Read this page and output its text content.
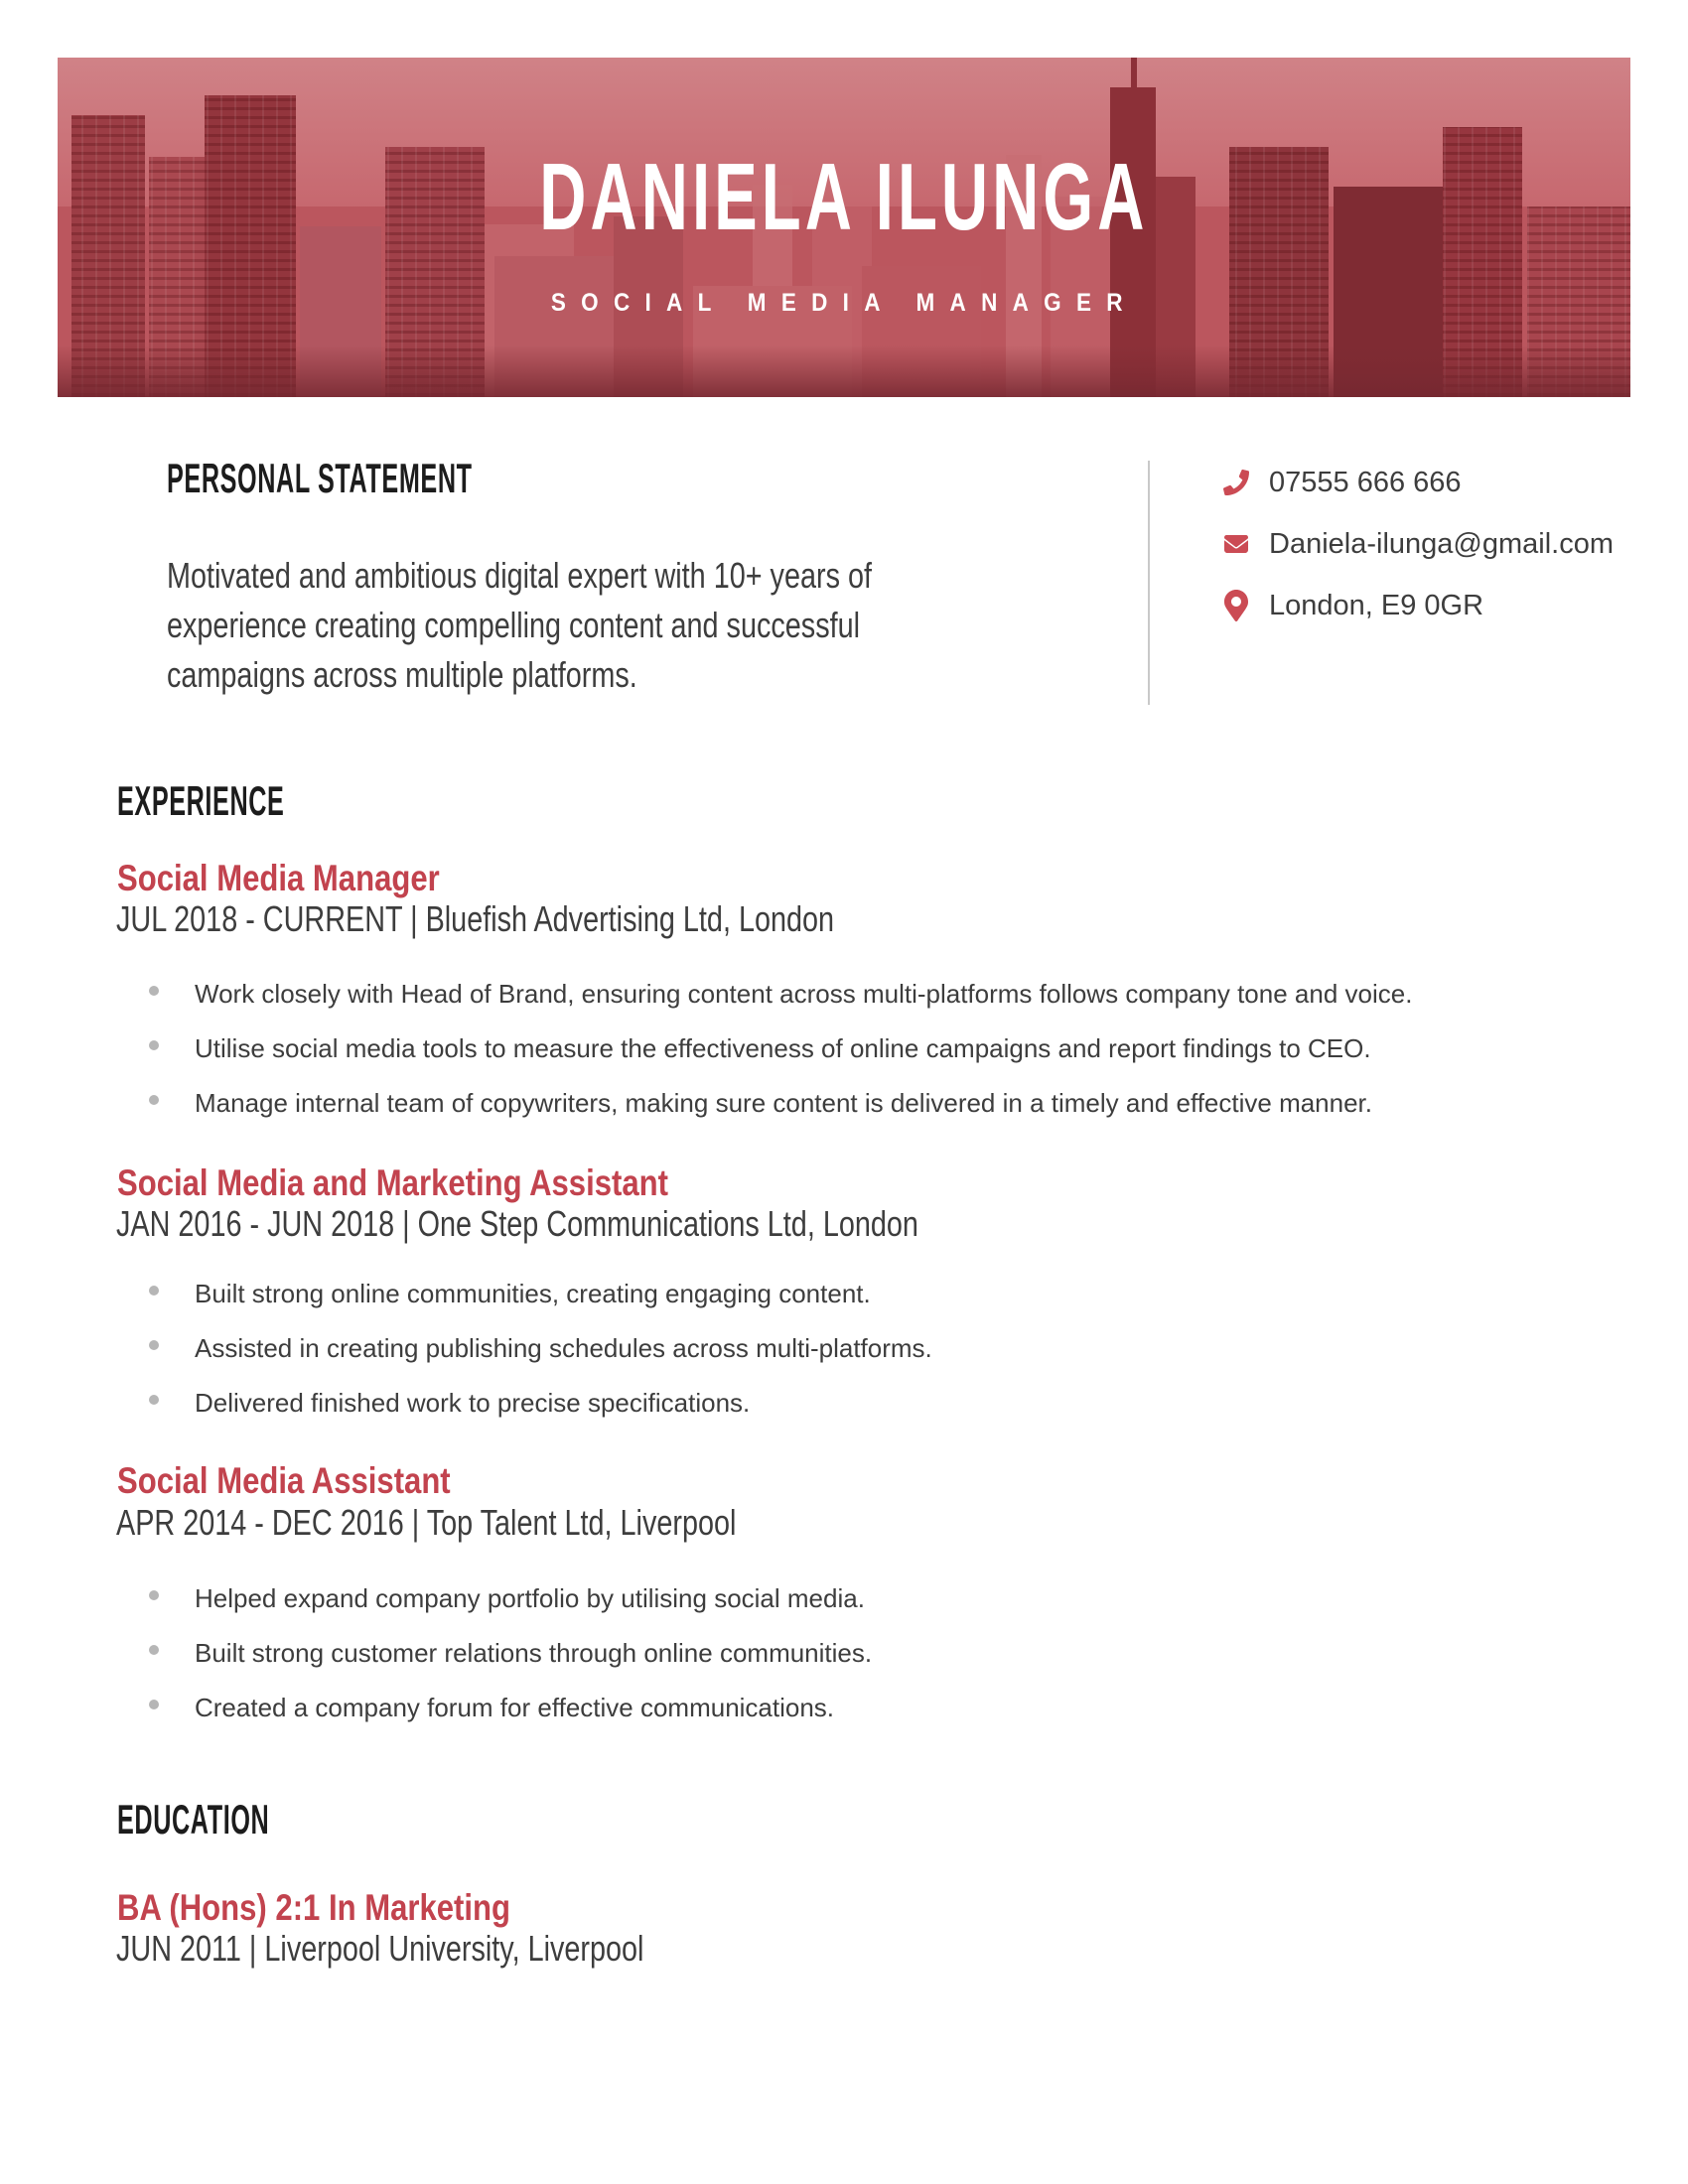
DANIELA ILUNGA
SOCIAL MEDIA MANAGER
PERSONAL STATEMENT
Motivated and ambitious digital expert with 10+ years of
experience creating compelling content and successful
campaigns across multiple platforms.
07555 666 666
Daniela-ilunga@gmail.com
London, E9 0GR
EXPERIENCE
Social Media Manager
JUL 2018 - CURRENT | Bluefish Advertising Ltd, London
Work closely with Head of Brand, ensuring content across multi-platforms follows company tone and voice.
Utilise social media tools to measure the effectiveness of online campaigns and report findings to CEO.
Manage internal team of copywriters, making sure content is delivered in a timely and effective manner.
Social Media and Marketing Assistant
JAN 2016 - JUN 2018 | One Step Communications Ltd, London
Built strong online communities, creating engaging content.
Assisted in creating publishing schedules across multi-platforms.
Delivered finished work to precise specifications.
Social Media Assistant
APR 2014 - DEC 2016 | Top Talent Ltd, Liverpool
Helped expand company portfolio by utilising social media.
Built strong customer relations through online communities.
Created a company forum for effective communications.
EDUCATION
BA (Hons) 2:1 In Marketing
JUN 2011 | Liverpool University, Liverpool
